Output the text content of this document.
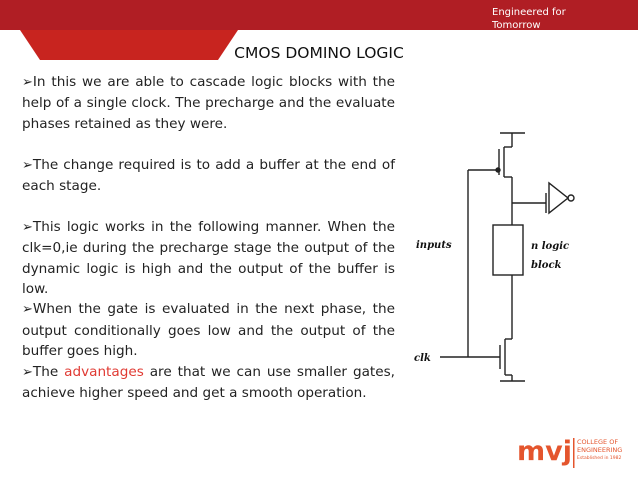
Engineered for Tomorrow
CMOS DOMINO LOGIC

➢In this we are able to cascade logic blocks with the help of a single clock. The precharge and the evaluate phases retained as they were.

➢The change required is to add a buffer at the end of each stage.

➢This logic works in the following manner. When the clk=0,ie during the precharge stage the output of the dynamic logic is high and the output of the buffer is low.

➢When the gate is evaluated in the next phase, the output conditionally goes low and the output of the buffer goes high.

➢The advantages are that we can use smaller gates, achieve higher speed and get a smooth operation.

inputs	n logic
block
clk
mvj COLLEGE OF
ENGINEERING
Established in 1982
